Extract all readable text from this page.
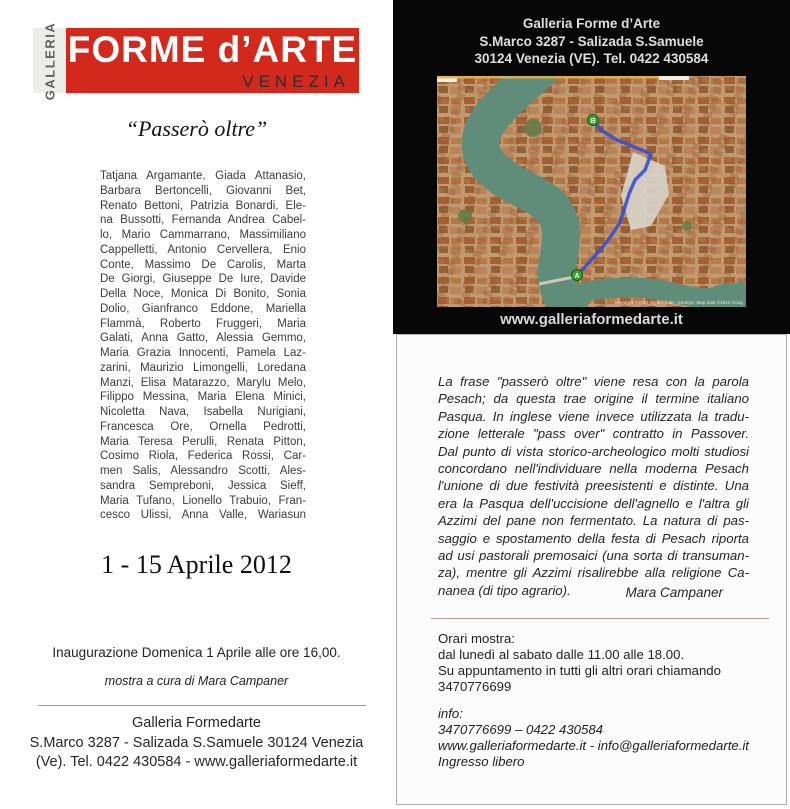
GALLERIA FORME d’ARTE
VENEZIA
“Passerò oltre”
Tatjana Argamante, Giada Attanasio,
Barbara Bertoncelli, Giovanni Bet,
Renato Bettoni, Patrizia Bonardi, Ele-
na Bussotti, Fernanda Andrea Cabel-
lo, Mario Cammarrano, Massimiliano
Cappelletti, Antonio Cervellera, Enio
Conte, Massimo De Carolis, Marta
De Giorgi, Giuseppe De Iure, Davide
Della Noce, Monica Di Bonito, Sonia
Dolio, Gianfranco Eddone, Mariella
Flammà, Roberto Fruggeri, Maria
Galati, Anna Gatto, Alessia Gemmo,
Maria Grazia Innocenti, Pamela Laz-
zarini, Maurizio Limongelli, Loredana
Manzi, Elisa Matarazzo, Marylu Melo,
Filippo Messina, Maria Elena Minici,
Nicoletta Nava, Isabella Nurigiani,
Francesca Ore, Ornella Pedrotti,
Maria Teresa Perulli, Renata Pitton,
Cosimo Riola, Federica Rossi, Car-
men Salis, Alessandro Scotti, Ales-
sandra Sempreboni, Jessica Sieff,
Maria Tufano, Lionello Trabuio, Fran-
cesco Ulissi, Anna Valle, Wariasun
1 - 15 Aprile 2012
Inaugurazione Domenica 1 Aprile alle ore 16,00.
mostra a cura di Mara Campaner
Galleria Formedarte
S.Marco 3287 - Salizada S.Samuele 30124 Venezia
(Ve). Tel. 0422 430584 - www.galleriaformedarte.it
Galleria Forme d’Arte
S.Marco 3287 - Salizada S.Samuele
30124 Venezia (VE). Tel. 0422 430584
B
A
Immagini ©2012 DigitalGlobe, GeoEye, Map data ©2012 Goog
www.galleriaformedarte.it
La frase "passerò oltre" viene resa con la parola
Pesach; da questa trae origine il termine italiano
Pasqua. In inglese viene invece utilizzata la tradu-
zione letterale "pass over" contratto in Passover.
Dal punto di vista storico-archeologico molti studiosi
concordano nell'individuare nella moderna Pesach
l'unione di due festività preesistenti e distinte. Una
era la Pasqua dell'uccisione dell'agnello e l'altra gli
Azzimi del pane non fermentato. La natura di pas-
saggio e spostamento della festa di Pesach riporta
ad usi pastorali premosaici (una sorta di transuman-
za), mentre gli Azzimi risalirebbe alla religione Ca-
nanea (di tipo agrario).	Mara Campaner
Orari mostra:
dal lunedì al sabato dalle 11.00 alle 18.00.
Su appuntamento in tutti gli altri orari chiamando
3470776699
info:
3470776699 – 0422 430584
www.galleriaformedarte.it - info@galleriaformedarte.it
Ingresso libero
